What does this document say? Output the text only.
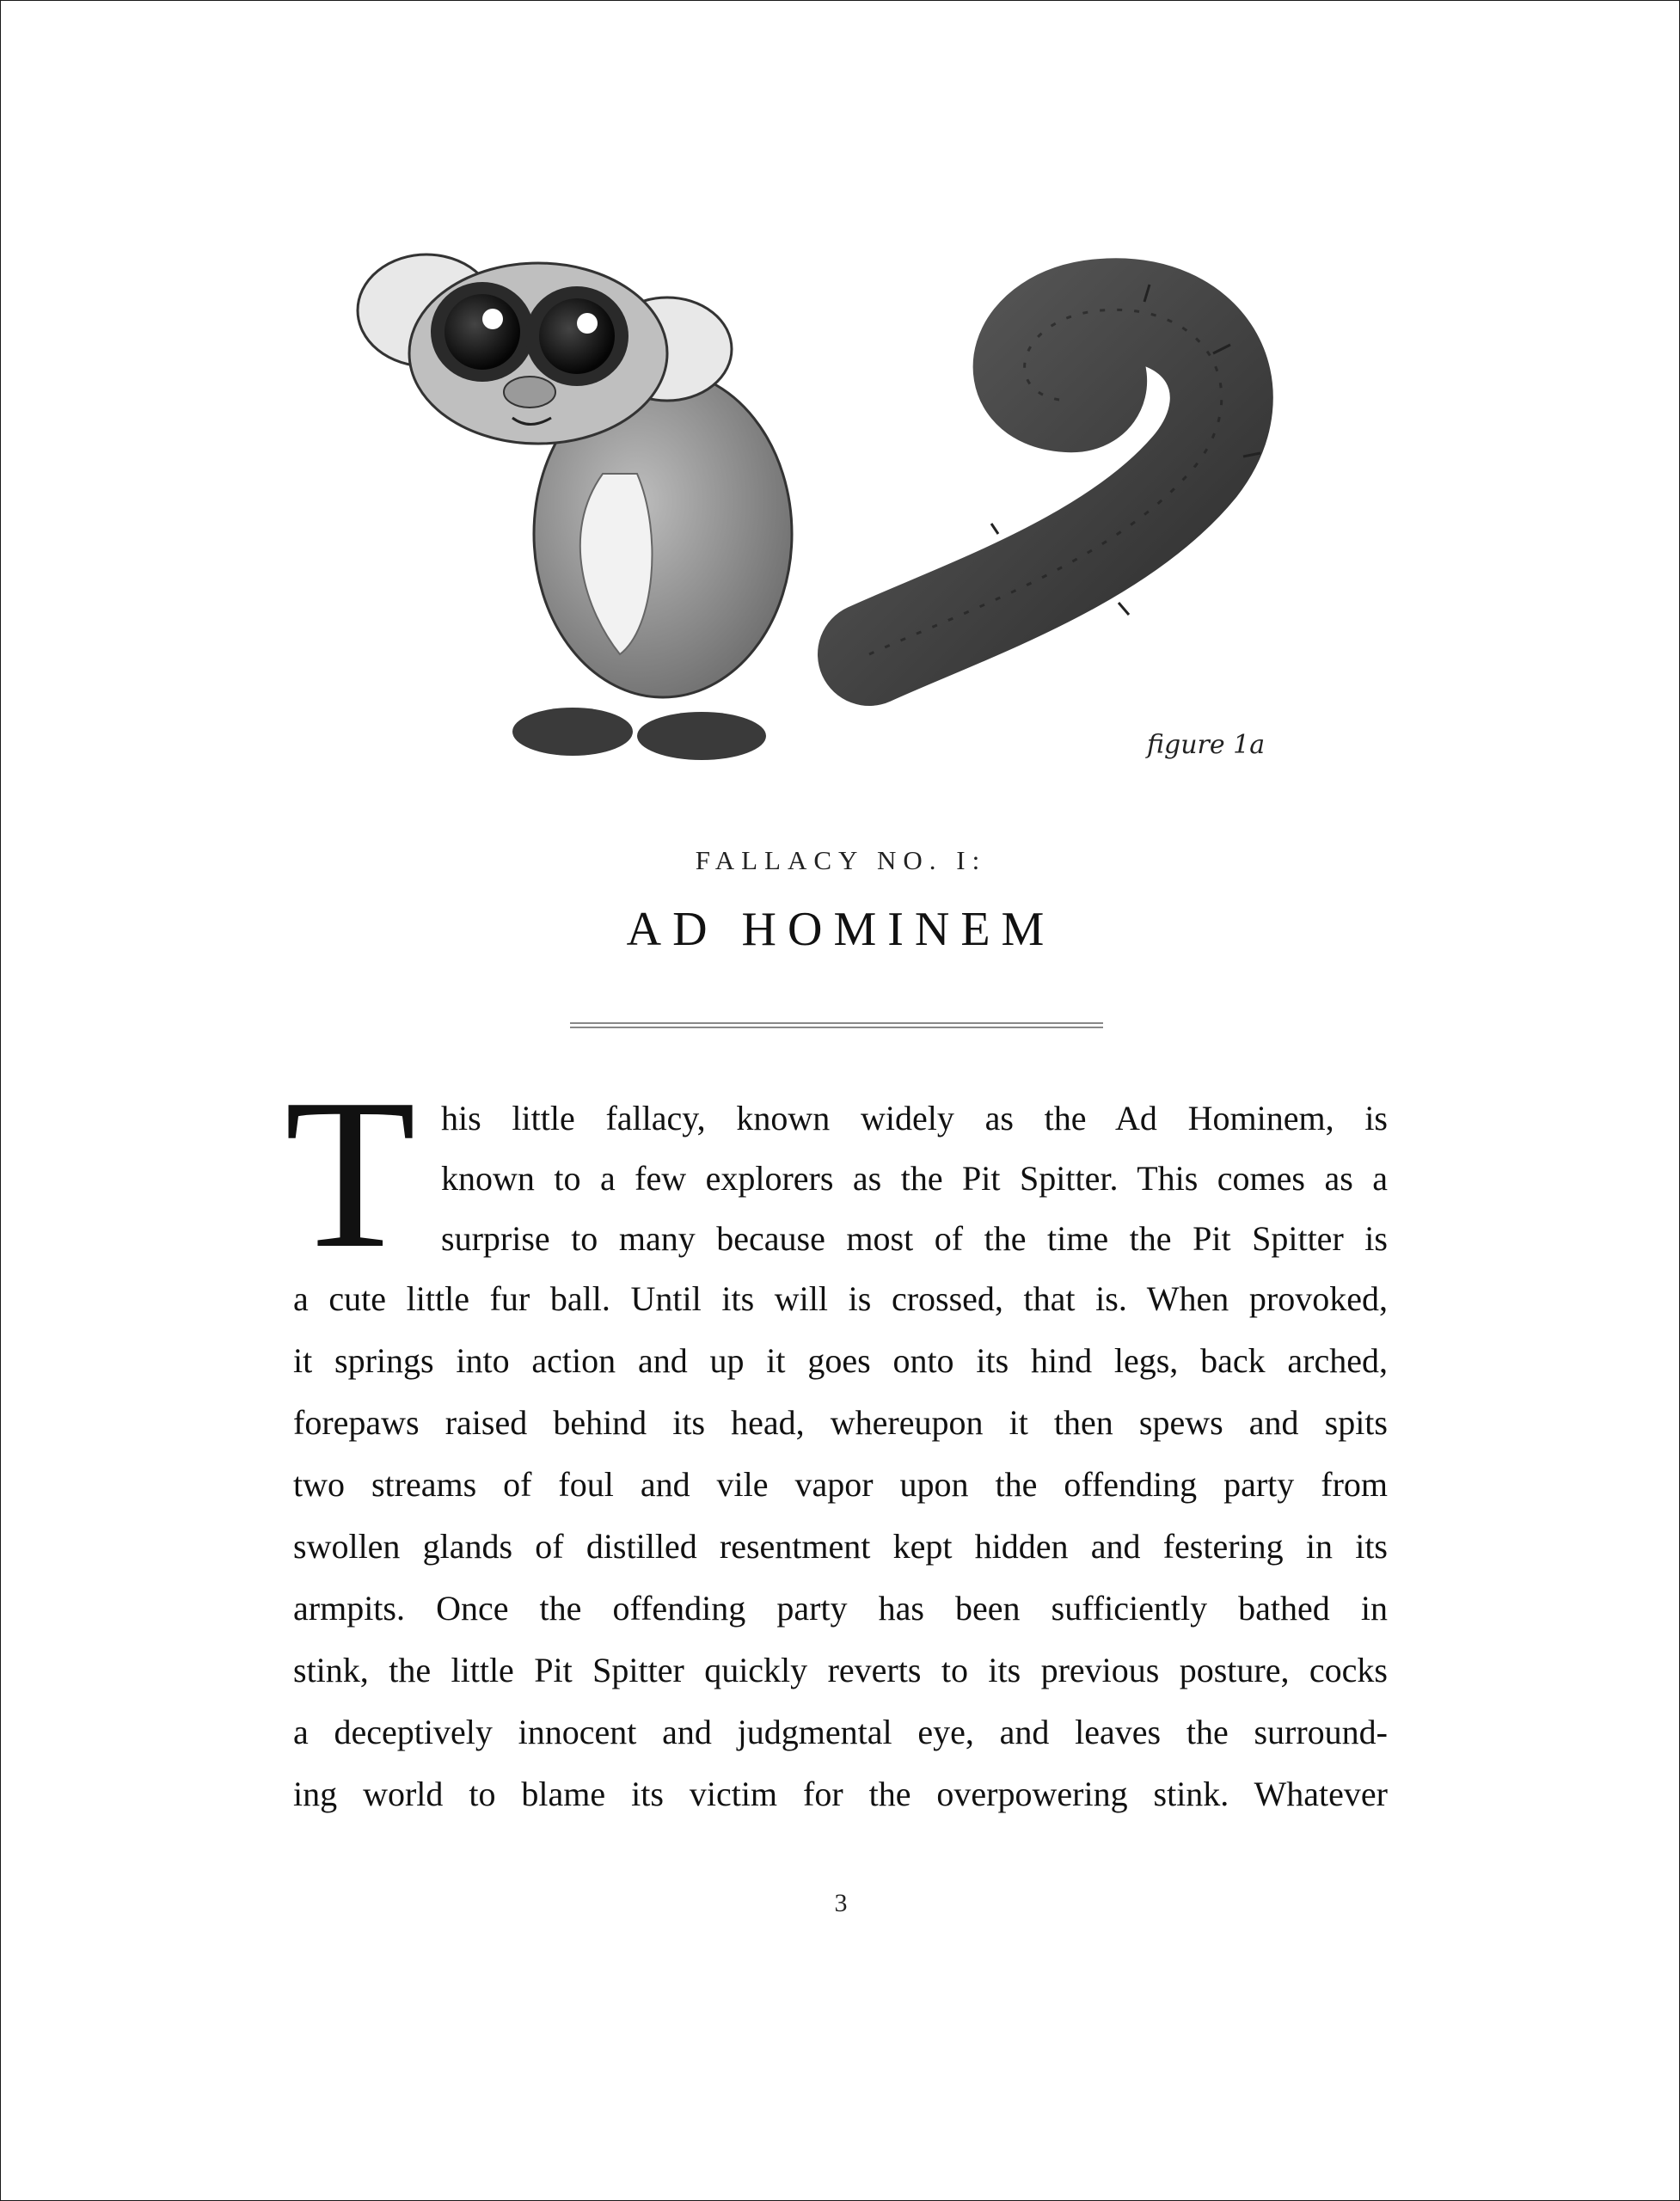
figure 1a
FALLACY NO. I:
AD HOMINEM
T his little fallacy, known widely as the Ad Hominem, is
known to a few explorers as the Pit Spitter. This comes as a
surprise to many because most of the time the Pit Spitter is
a cute little fur ball. Until its will is crossed, that is. When provoked,
it springs into action and up it goes onto its hind legs, back arched,
forepaws raised behind its head, whereupon it then spews and spits
two streams of foul and vile vapor upon the offending party from
swollen glands of distilled resentment kept hidden and festering in its
armpits. Once the offending party has been sufficiently bathed in
stink, the little Pit Spitter quickly reverts to its previous posture, cocks
a deceptively innocent and judgmental eye, and leaves the surround-
ing world to blame its victim for the overpowering stink. Whatever
3
